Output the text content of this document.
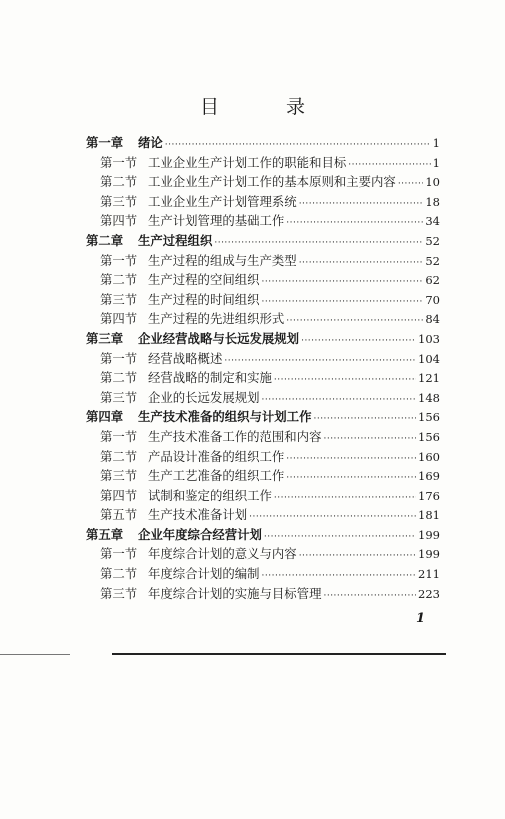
目　录
第一章	绪论 ·····	1
第一节 工业企业生产计划工作的职能和目标 ·····	1
第二节 工业企业生产计划工作的基本原则和主要内容 ·····	10
第三节 工业企业生产计划管理系统 ·····	18
第四节 生产计划管理的基础工作 ·····	34
第二章	生产过程组织 ·····	52
第一节 生产过程的组成与生产类型 ·····	52
第二节 生产过程的空间组织 ·····	62
第三节 生产过程的时间组织 ·····	70
第四节 生产过程的先进组织形式 ·····	84
第三章	企业经营战略与长远发展规划 ·····	103
第一节 经营战略概述 ·····	104
第二节 经营战略的制定和实施 ·····	121
第三节 企业的长远发展规划 ·····	148
第四章	生产技术准备的组织与计划工作 ·····	156
第一节 生产技术准备工作的范围和内容 ·····	156
第二节 产品设计准备的组织工作 ·····	160
第三节 生产工艺准备的组织工作 ·····	169
第四节 试制和鉴定的组织工作 ·····	176
第五节 生产技术准备计划 ·····	181
第五章	企业年度综合经营计划 ·····	199
第一节 年度综合计划的意义与内容 ·····	199
第二节 年度综合计划的编制 ·····	211
第三节 年度综合计划的实施与目标管理 ·····	223
1
